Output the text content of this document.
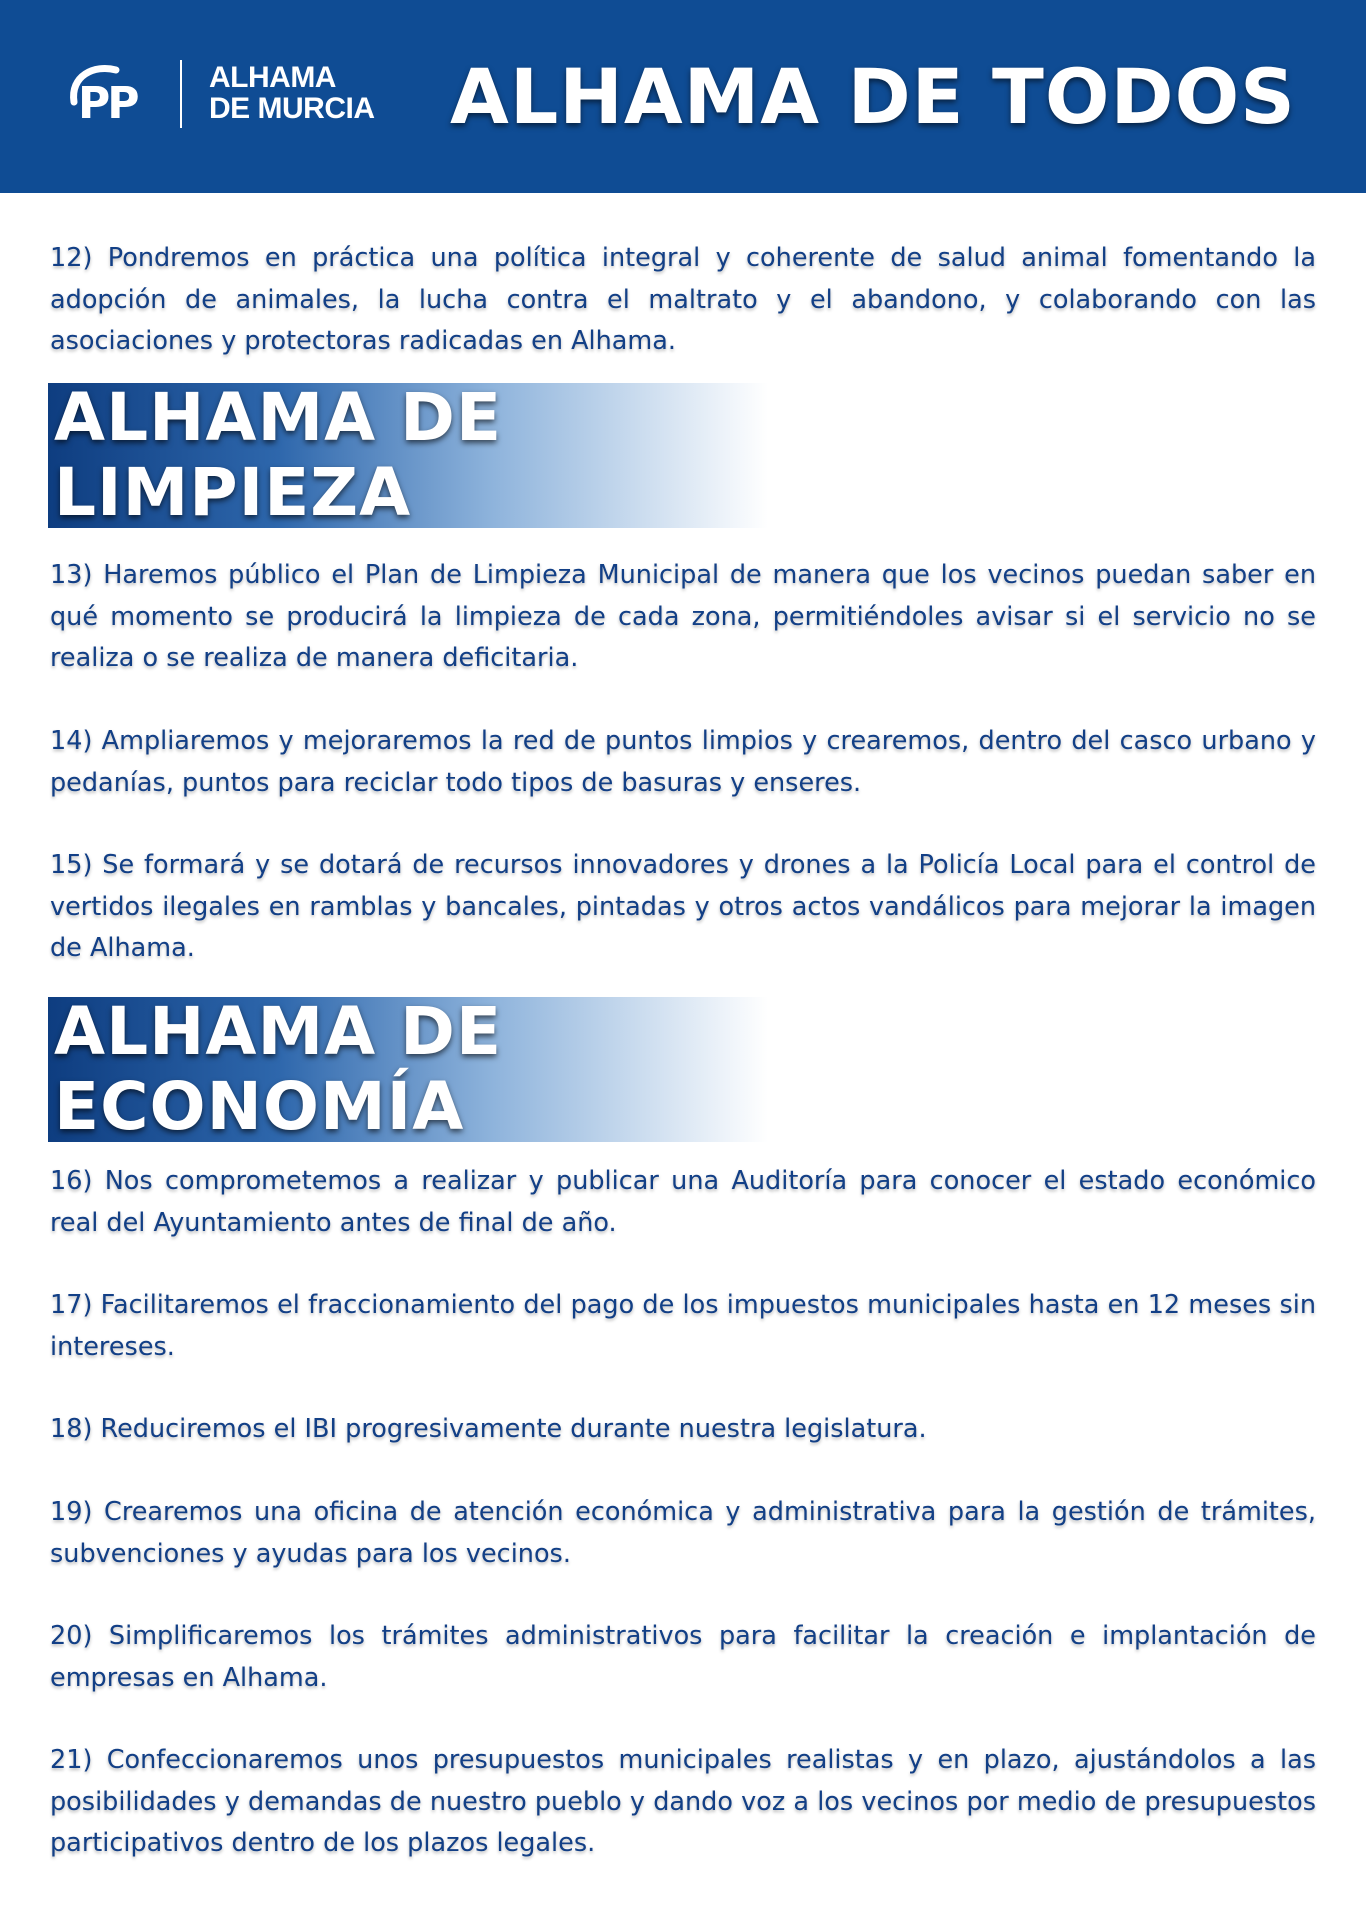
PP
ALHAMA
DE MURCIA ALHAMA DE TODOS

12) Pondremos en práctica una política integral y coherente de salud animal fomentando la adopción de animales, la lucha contra el maltrato y el abandono, y colaborando con las asociaciones y protectoras radicadas en Alhama.

ALHAMA DE
LIMPIEZA

13) Haremos público el Plan de Limpieza Municipal de manera que los vecinos puedan saber en qué momento se producirá la limpieza de cada zona, permitiéndoles avisar si el servicio no se realiza o se realiza de manera deficitaria.

14) Ampliaremos y mejoraremos la red de puntos limpios y crearemos, dentro del casco urbano y pedanías, puntos para reciclar todo tipos de basuras y enseres.

15) Se formará y se dotará de recursos innovadores y drones a la Policía Local para el control de vertidos ilegales en ramblas y bancales, pintadas y otros actos vandálicos para mejorar la imagen de Alhama.

ALHAMA DE
ECONOMÍA

16) Nos comprometemos a realizar y publicar una Auditoría para conocer el estado económico real del Ayuntamiento antes de final de año.

17) Facilitaremos el fraccionamiento del pago de los impuestos municipales hasta en 12 meses sin intereses.

18) Reduciremos el IBI progresivamente durante nuestra legislatura.

19) Crearemos una oficina de atención económica y administrativa para la gestión de trámites, subvenciones y ayudas para los vecinos.

20) Simplificaremos los trámites administrativos para facilitar la creación e implantación de empresas en Alhama.

21) Confeccionaremos unos presupuestos municipales realistas y en plazo, ajustándolos a las posibilidades y demandas de nuestro pueblo y dando voz a los vecinos por medio de presupuestos participativos dentro de los plazos legales.
